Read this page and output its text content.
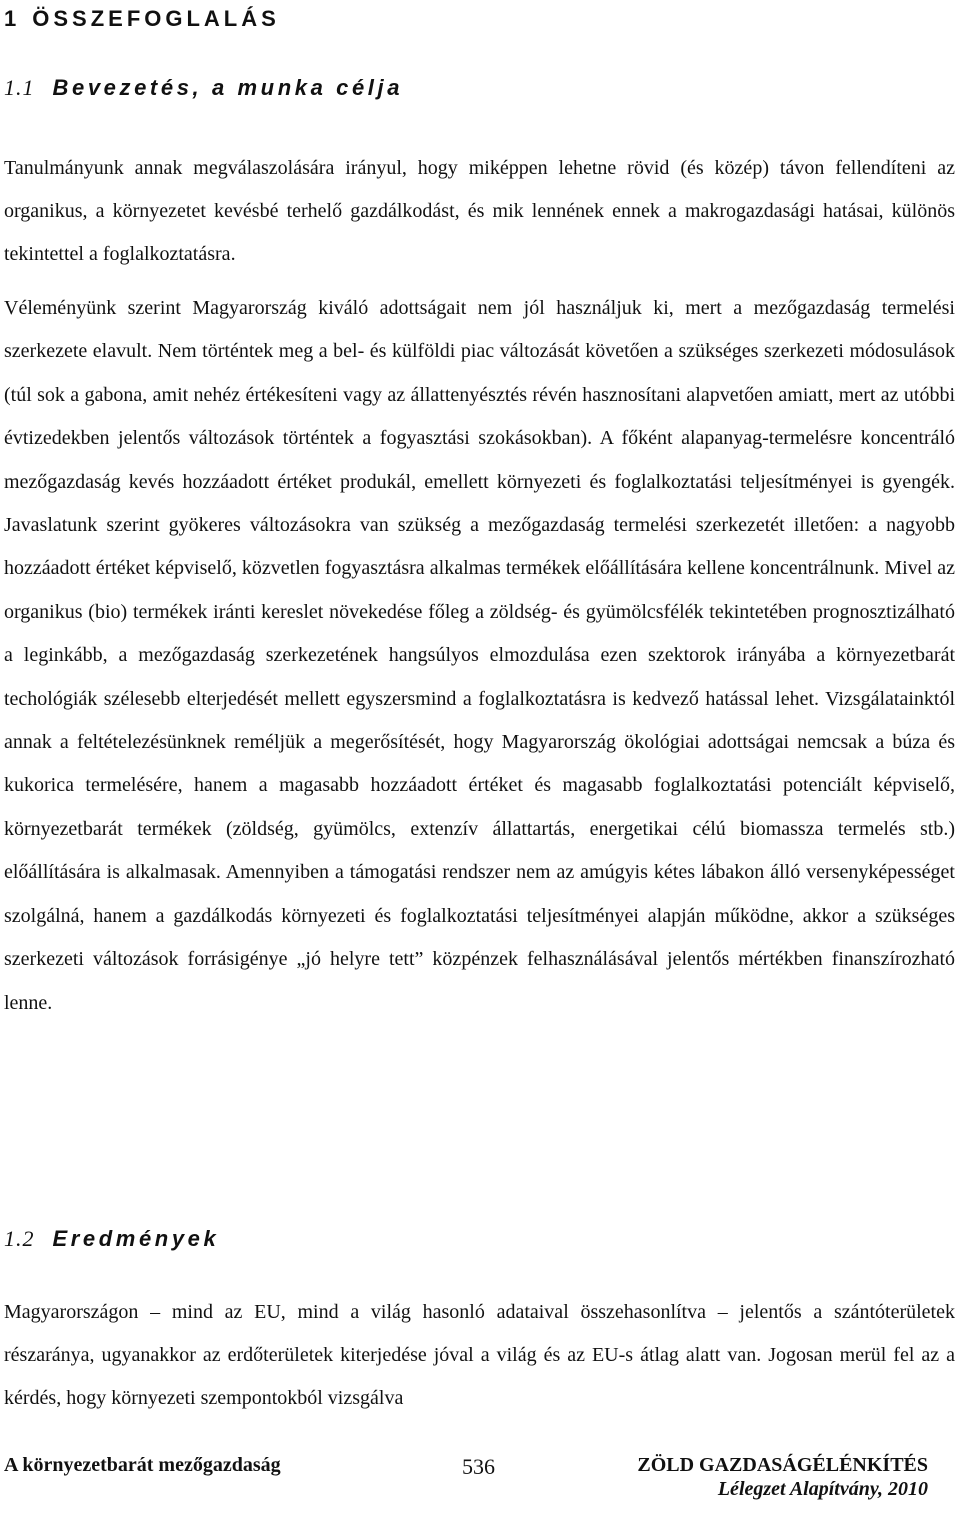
1 ÖSSZEFOGLALÁS
1.1 Bevezetés, a munka célja

Tanulmányunk annak megválaszolására irányul, hogy miképpen lehetne rövid (és közép) távon fellendíteni az organikus, a környezetet kevésbé terhelő gazdálkodást, és mik lennének ennek a makrogazdasági hatásai, különös tekintettel a foglalkoztatásra.

Véleményünk szerint Magyarország kiváló adottságait nem jól használjuk ki, mert a mezőgazdaság termelési szerkezete elavult. Nem történtek meg a bel- és külföldi piac változását követően a szükséges szerkezeti módosulások (túl sok a gabona, amit nehéz értékesíteni vagy az állattenyésztés révén hasznosítani alapvetően amiatt, mert az utóbbi évtizedekben jelentős változások történtek a fogyasztási szokásokban). A főként alapanyag-termelésre koncentráló mezőgazdaság kevés hozzáadott értéket produkál, emellett környezeti és foglalkoztatási teljesítményei is gyengék. Javaslatunk szerint gyökeres változásokra van szükség a mezőgazdaság termelési szerkezetét illetően: a nagyobb hozzáadott értéket képviselő, közvetlen fogyasztásra alkalmas termékek előállítására kellene koncentrálnunk. Mivel az organikus (bio) termékek iránti kereslet növekedése főleg a zöldség- és gyümölcsfélék tekintetében prognosztizálható a leginkább, a mezőgazdaság szerkezetének hangsúlyos elmozdulása ezen szektorok irányába a környezetbarát techológiák szélesebb elterjedését mellett egyszersmind a foglalkoztatásra is kedvező hatással lehet. Vizsgálatainktól annak a feltételezésünknek reméljük a megerősítését, hogy Magyarország ökológiai adottságai nemcsak a búza és kukorica termelésére, hanem a magasabb hozzáadott értéket és magasabb foglalkoztatási potenciált képviselő, környezetbarát termékek (zöldség, gyümölcs, extenzív állattartás, energetikai célú biomassza termelés stb.) előállítására is alkalmasak. Amennyiben a támogatási rendszer nem az amúgyis kétes lábakon álló versenyképességet szolgálná, hanem a gazdálkodás környezeti és foglalkoztatási teljesítményei alapján működne, akkor a szükséges szerkezeti változások forrásigénye „jó helyre tett” közpénzek felhasználásával jelentős mértékben finanszírozható lenne.

1.2 Eredmények

Magyarországon – mind az EU, mind a világ hasonló adataival összehasonlítva – jelentős a szántóterületek részaránya, ugyanakkor az erdőterületek kiterjedése jóval a világ és az EU-s átlag alatt van. Jogosan merül fel az a kérdés, hogy környezeti szempontokból vizsgálva

A környezetbarát mezőgazdaság	536	ZÖLD GAZDASÁGÉLÉNKÍTÉS
Lélegzet Alapítvány, 2010
